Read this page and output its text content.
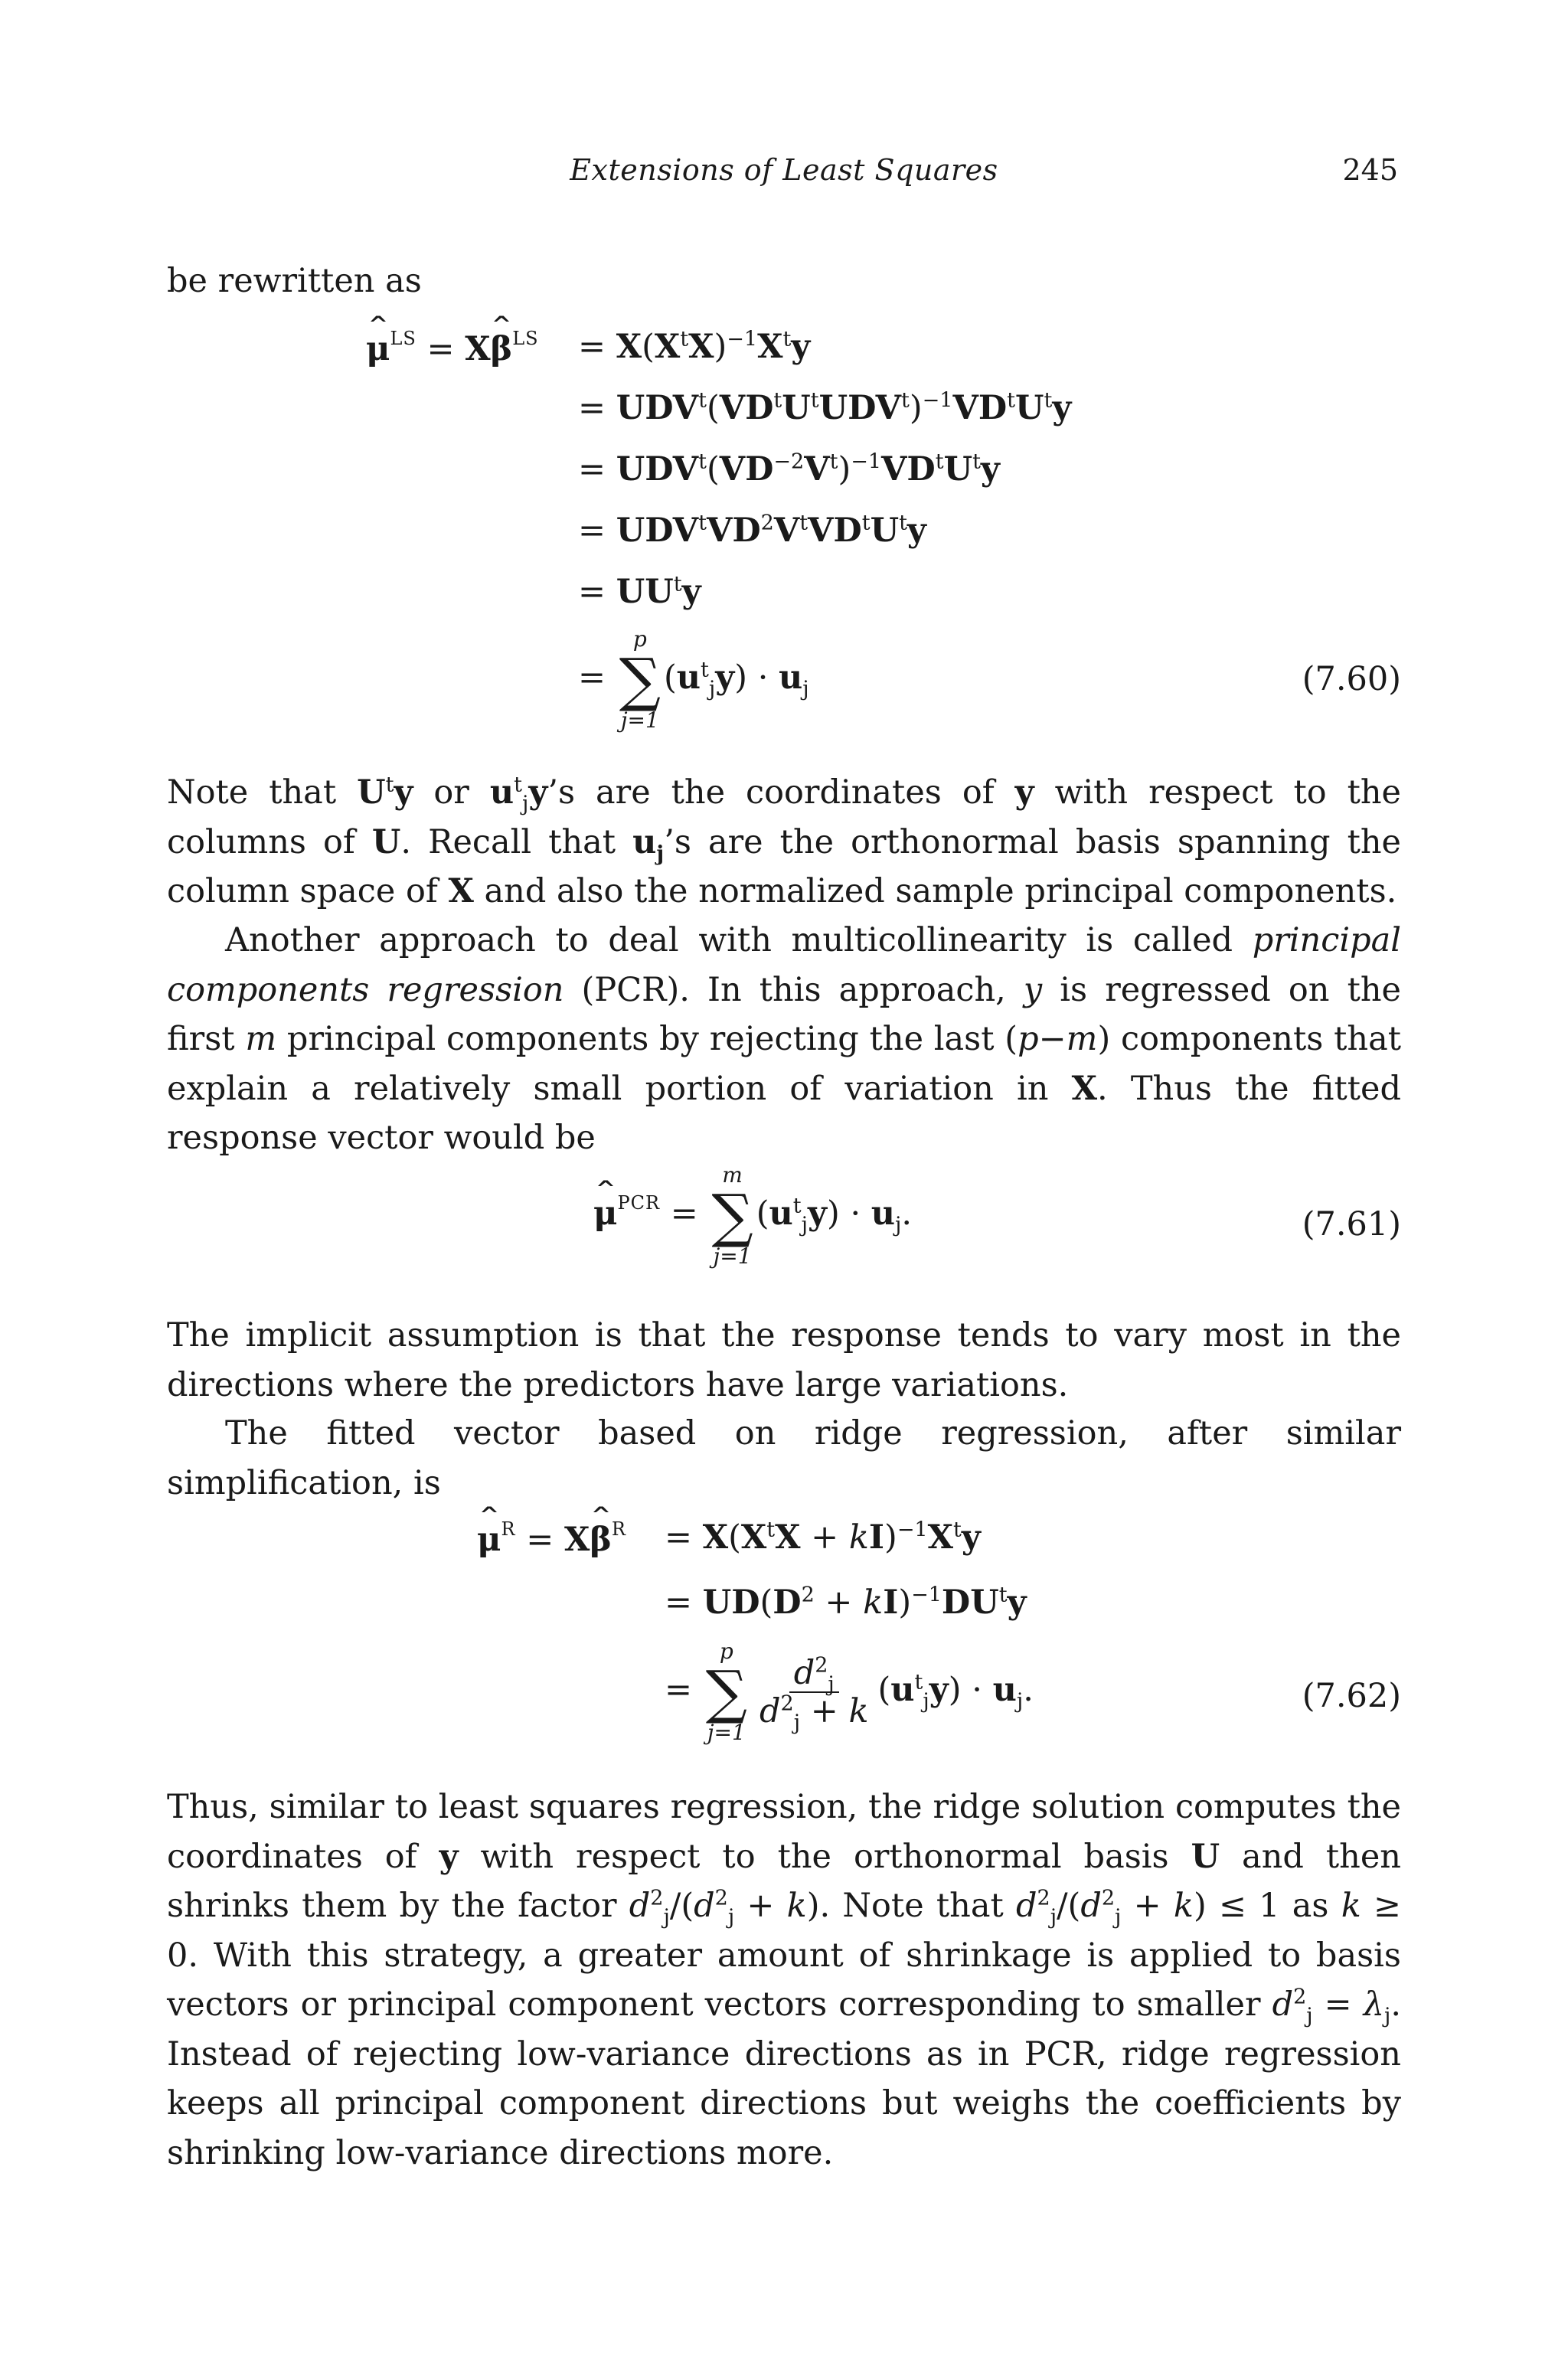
Extensions of Least Squares	245
be rewritten as
ˆ $\mu^{LS}$ = Xˆ $\beta^{LS} = X(X^tX)^{-1}X^ty$
= $UDV^t(VD^tU^tUDV^t)^{-1}VD^tU^ty$
= $UDV^t(VD^{-2}V^t)^{-1}VD^tU^ty$
= $UDV^tVD^2V^tVD^tU^ty$
= $UU^ty$
=
p
∑
j=1
$(u^t_jy) \cdot u_j$	(7.60)
Note that $U^ty$ or $u^t_jy’s$ are the coordinates of y with respect to the columns of U. Recall that $u_j’s$ are the orthonormal basis spanning the column space of X and also the normalized sample principal components.
Another approach to deal with multicollinearity is called principal components regression (PCR). In this approach, y is regressed on the first m principal components by rejecting the last (p−m) components that explain a relatively small portion of variation in X. Thus the fitted response vector would be
ˆ $\mu^{PCR}$ =
m
∑
j=1
$(u^t_jy) \cdot u_j$.	(7.61)
The implicit assumption is that the response tends to vary most in the directions where the predictors have large variations.
The fitted vector based on ridge regression, after similar simplification, is
ˆ $\mu^R$ = Xˆ $\beta^R = X(X^tX + kI)^{-1}X^ty$
= $UD(D^2 + kI)^{-1}DU^ty$
=
p
∑
j=1
$\frac{d^2_j}{d^2_j + k} (u^t_jy) \cdot u_j$.	(7.62)
Thus, similar to least squares regression, the ridge solution computes the coordinates of y with respect to the orthonormal basis U and then shrinks them by the factor $d^2_j/(d^2_j + k)$. Note that $d^2_j/(d^2_j + k) \le 1$ as k ≥ 0. With this strategy, a greater amount of shrinkage is applied to basis vectors or principal component vectors corresponding to smaller $d^2_j = \lambda_j$. Instead of rejecting low-variance directions as in PCR, ridge regression keeps all principal component directions but weighs the coefficients by shrinking low-variance directions more.
